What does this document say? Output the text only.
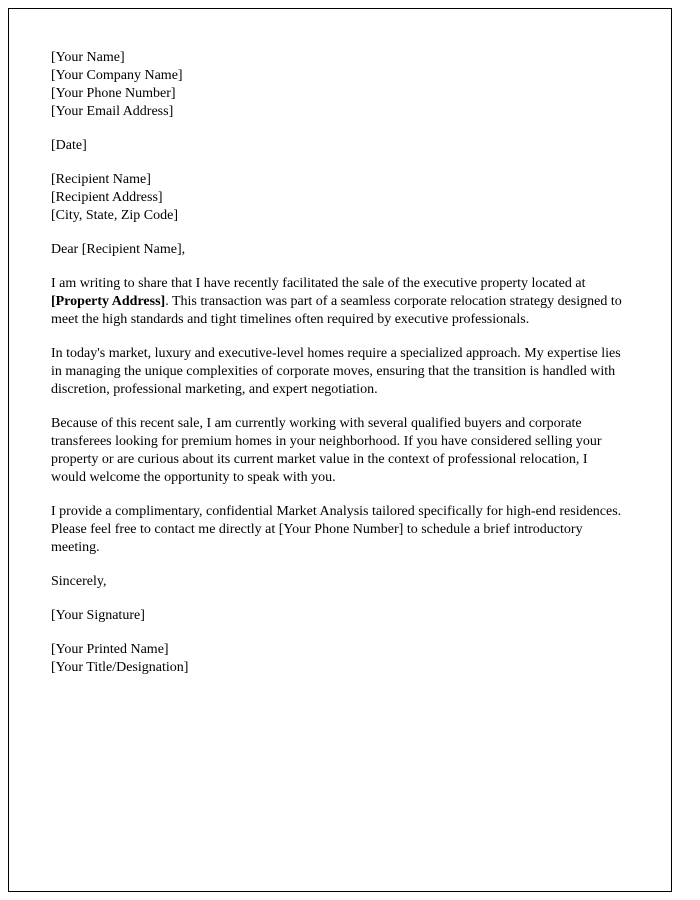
[Your Name]
[Your Company Name]
[Your Phone Number]
[Your Email Address]
[Date]
[Recipient Name]
[Recipient Address]
[City, State, Zip Code]
Dear [Recipient Name],

I am writing to share that I have recently facilitated the sale of the executive property located at [Property Address]. This transaction was part of a seamless corporate relocation strategy designed to meet the high standards and tight timelines often required by executive professionals.

In today's market, luxury and executive-level homes require a specialized approach. My expertise lies in managing the unique complexities of corporate moves, ensuring that the transition is handled with discretion, professional marketing, and expert negotiation.

Because of this recent sale, I am currently working with several qualified buyers and corporate transferees looking for premium homes in your neighborhood. If you have considered selling your property or are curious about its current market value in the context of professional relocation, I would welcome the opportunity to speak with you.

I provide a complimentary, confidential Market Analysis tailored specifically for high-end residences. Please feel free to contact me directly at [Your Phone Number] to schedule a brief introductory meeting.

Sincerely,
[Your Signature]
[Your Printed Name]
[Your Title/Designation]
